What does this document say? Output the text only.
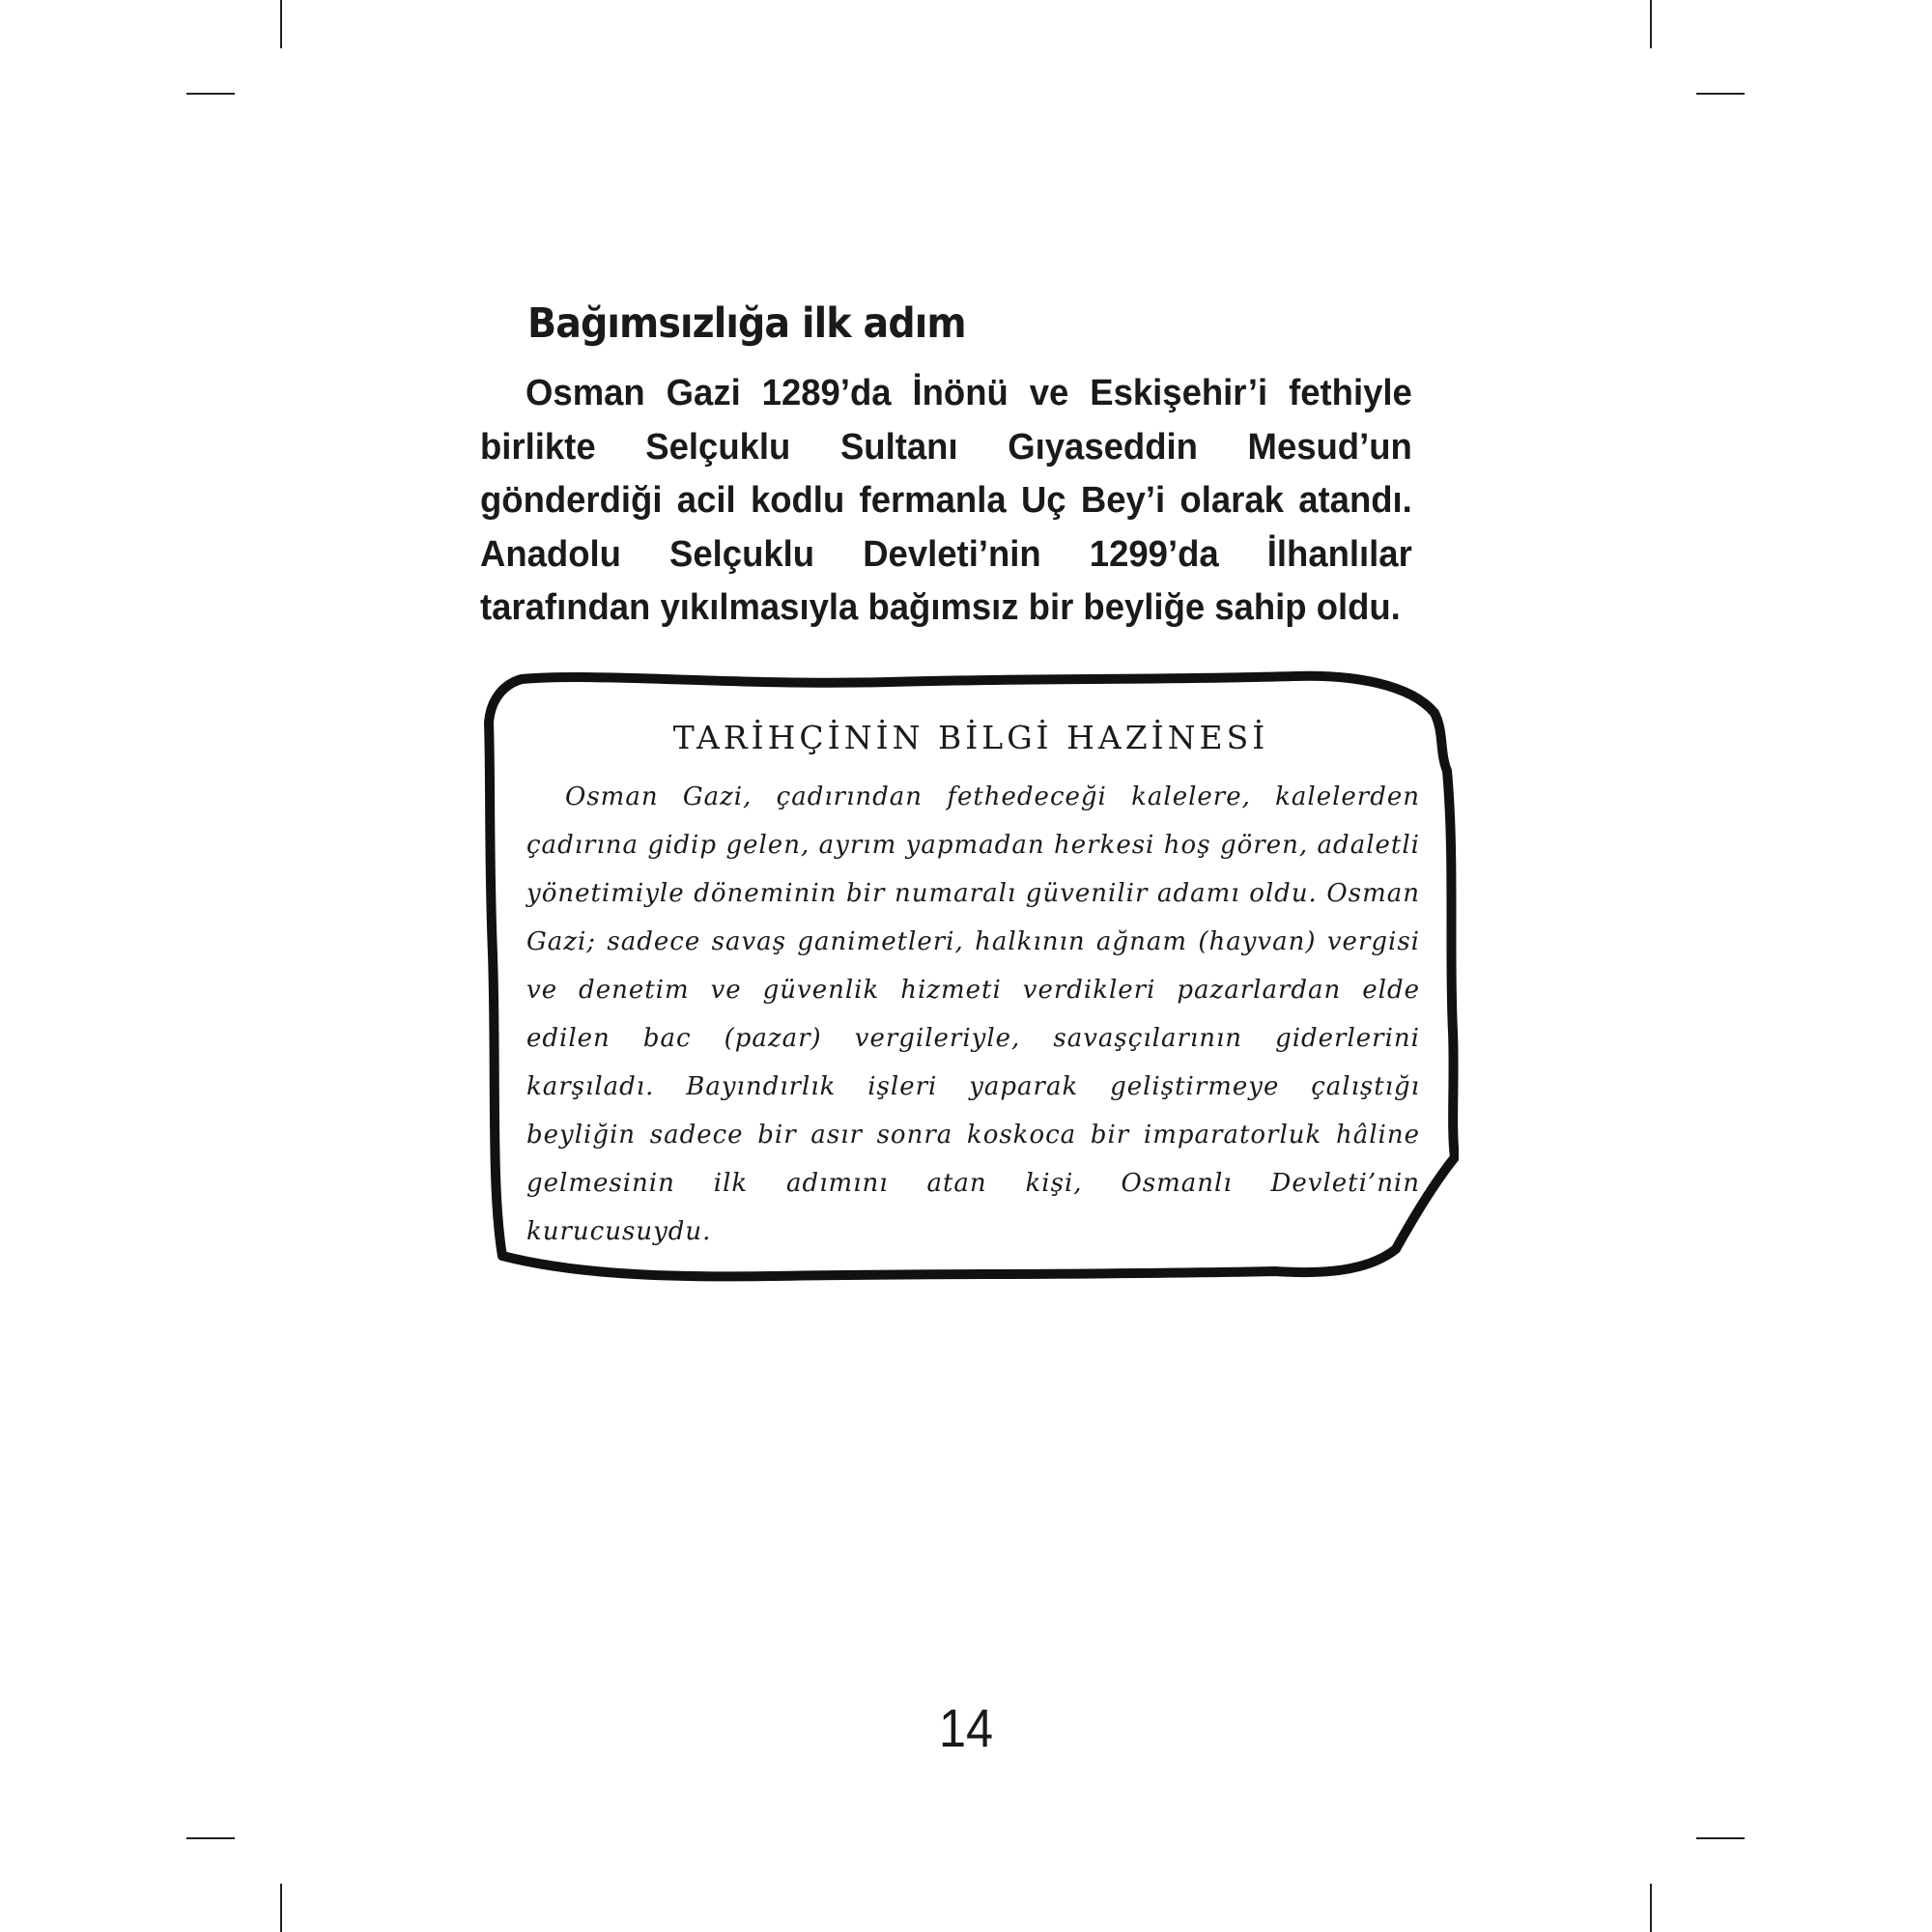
Bağımsızlığa ilk adım
Osman Gazi 1289’da İnönü ve Eskişehir’i fethiyle birlikte Selçuklu Sultanı Gıyaseddin Mesud’un gönderdiği acil kodlu fermanla Uç Bey’i olarak atandı. Anadolu Selçuklu Devleti’nin 1299’da İlhanlılar tarafından yıkılmasıyla bağımsız bir beyliğe sahip oldu.
TARİHÇİNİN BİLGİ HAZİNESİ
Osman Gazi, çadırından fethedeceği kalelere, kalelerden çadırına gidip gelen, ayrım yapmadan herkesi hoş gören, adaletli yönetimiyle döneminin bir numaralı güvenilir adamı oldu. Osman Gazi; sadece savaş ganimetleri, halkının ağnam (hayvan) vergisi ve denetim ve güvenlik hizmeti verdikleri pazarlardan elde edilen bac (pazar) vergileriyle, savaşçılarının giderlerini karşıladı. Bayındırlık işleri yaparak geliştirmeye çalıştığı beyliğin sadece bir asır sonra koskoca bir imparatorluk hâline gelmesinin ilk adımını atan kişi, Osmanlı Devleti’nin kurucusuydu.
14
